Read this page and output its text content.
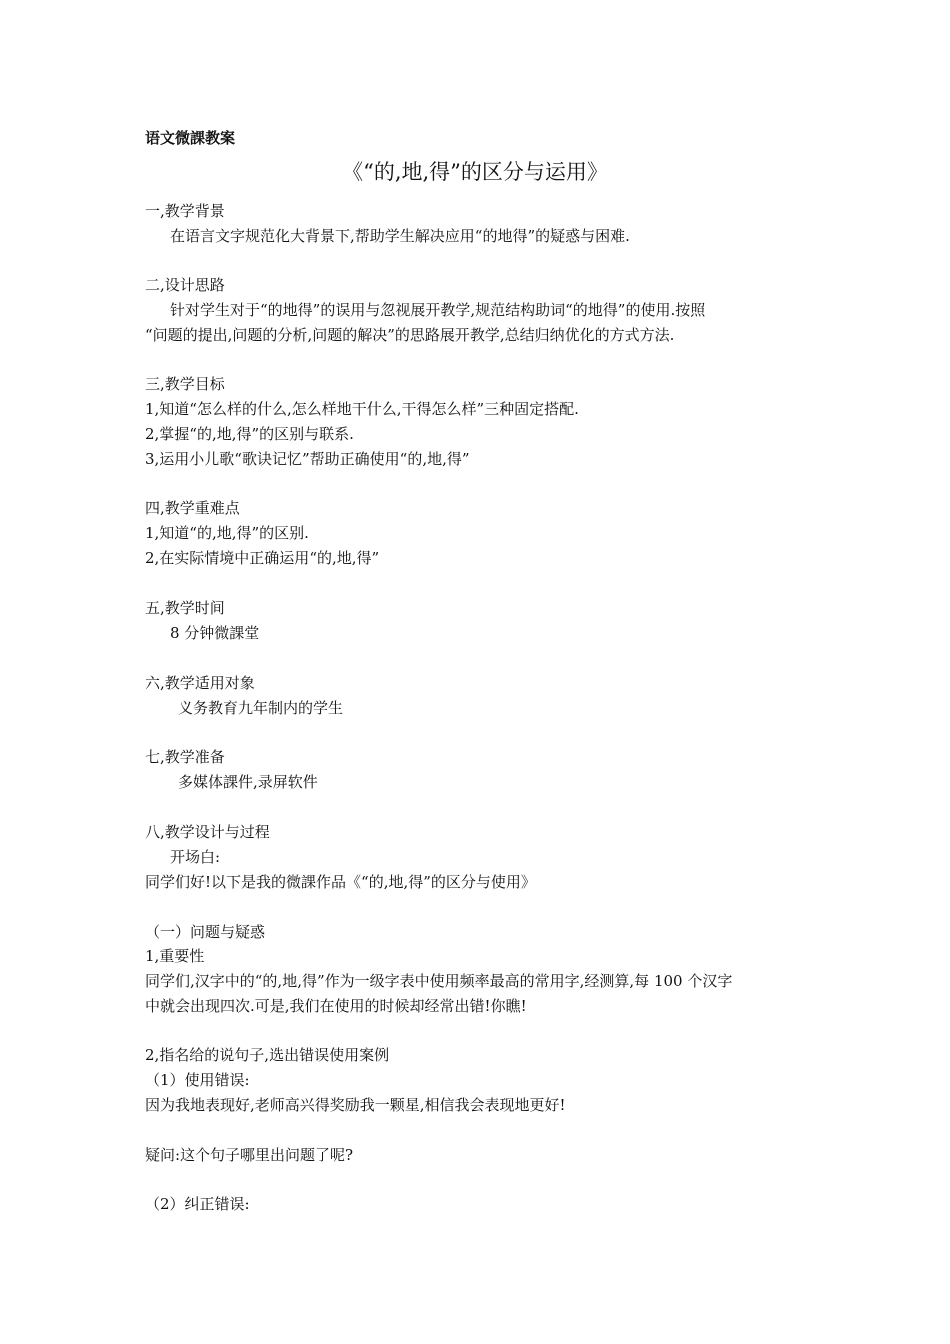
语文微課教案
《“的,地,得”的区分与运用》
一,教学背景
在语言文字规范化大背景下,帮助学生解决应用“的地得”的疑惑与困难.
二,设计思路
针对学生对于“的地得”的误用与忽视展开教学,规范结构助词“的地得”的使用.按照
“问题的提出,问题的分析,问题的解决”的思路展开教学,总结归纳优化的方式方法.
三,教学目标
1,知道“怎么样的什么,怎么样地干什么,干得怎么样”三种固定搭配.
2,掌握“的,地,得”的区别与联系.
3,运用小儿歌“歌诀记忆”帮助正确使用“的,地,得”
四,教学重难点
1,知道“的,地,得”的区别.
2,在实际情境中正确运用“的,地,得”
五,教学时间
8 分钟微課堂
六,教学适用对象
义务教育九年制内的学生
七,教学准备
多媒体課件,录屏软件
八,教学设计与过程
开场白:
同学们好!以下是我的微課作品《“的,地,得”的区分与使用》
（一）问题与疑惑
1,重要性
同学们,汉字中的“的,地,得”作为一级字表中使用频率最高的常用字,经测算,每 100 个汉字
中就会出现四次.可是,我们在使用的时候却经常出错!你瞧!
2,指名给的说句子,选出错误使用案例
（1）使用错误:
因为我地表现好,老师高兴得奖励我一颗星,相信我会表现地更好!
疑问:这个句子哪里出问题了呢?
（2）纠正错误:
